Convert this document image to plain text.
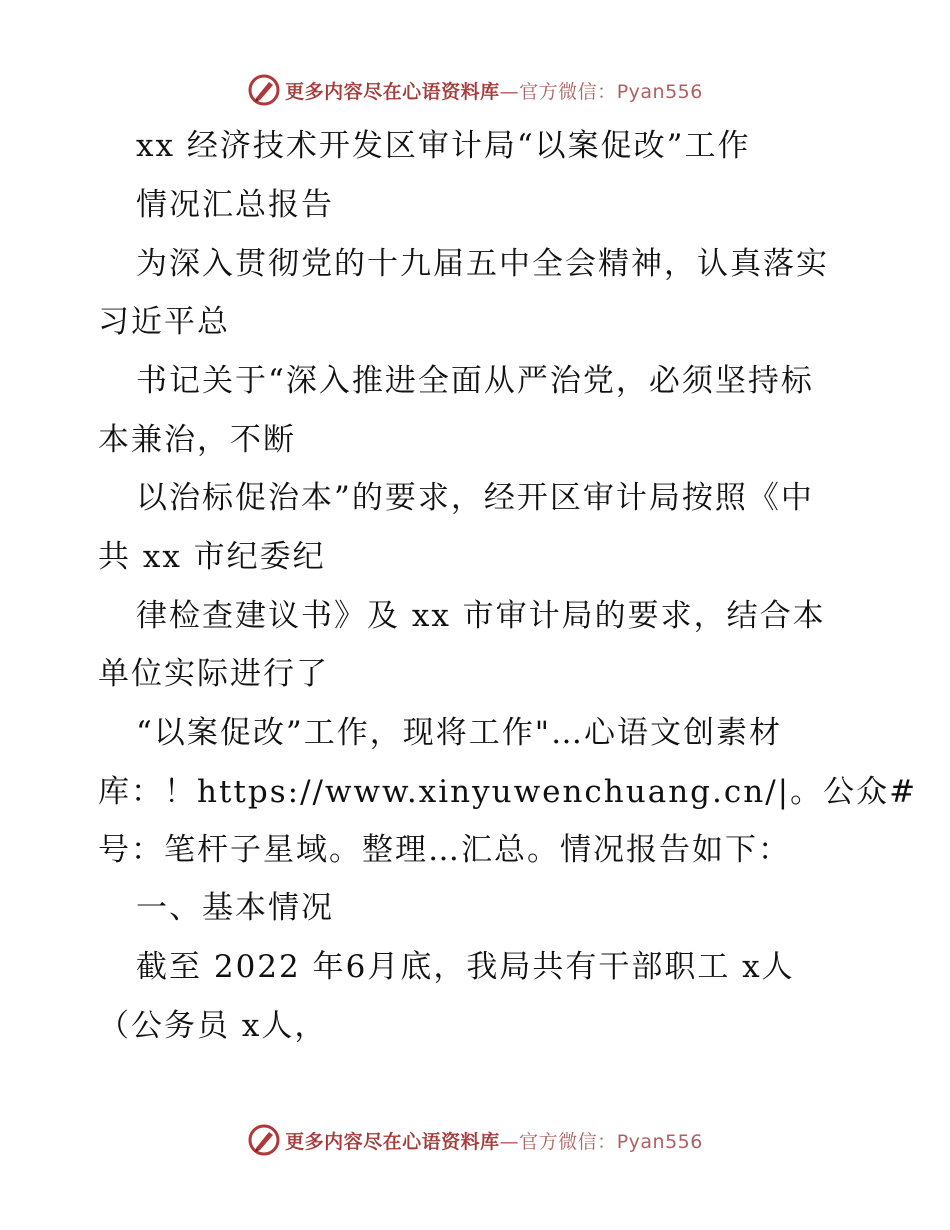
更多内容尽在心语资料库—官方微信：Pyan556
xx 经济技术开发区审计局“以案促改”工作
情况汇总报告
为深入贯彻党的十九届五中全会精神，认真落实
习近平总
书记关于“深入推进全面从严治党，必须坚持标
本兼治，不断
以治标促治本”的要求，经开区审计局按照《中
共 xx 市纪委纪
律检查建议书》及 xx 市审计局的要求，结合本
单位实际进行了
“以案促改”工作，现将工作"…心语文创素材
库：！https://www.xinyuwenchuang.cn/|。公众#
号：笔杆子星域。整理…汇总。情况报告如下：
一、基本情况
截至 2022 年6月底，我局共有干部职工 x人
（公务员 x人，
更多内容尽在心语资料库—官方微信：Pyan556
